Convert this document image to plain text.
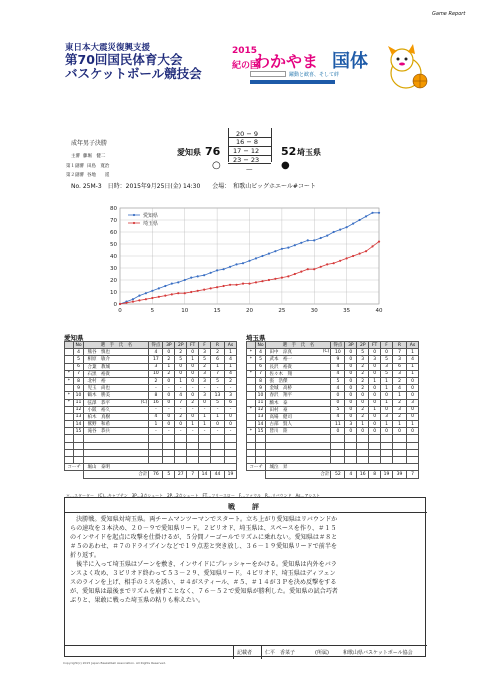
Game Report
東日本大震災復興支援
第70回国民体育大会
バスケットボール競技会
2015
紀の国
わかやま 国体
躍動と歓喜、そして絆
成年男子決勝
主審 藤堀　健二
第１副審 田島　寛治
第２副審 谷地　　遥
愛知県 76	52 埼玉県
○	●
20 − 9
16 − 8
17 − 12
23 − 23
—
No. 25M-3　日時：2015年9月25日(金) 14:30　　会場：　和歌山ビッグホエール#コート
0
10
20
30
40
50
60
70
80
0	5	10	15	20	25	30	35	40
愛知県
埼玉県
愛知県	埼玉県
	No	選　手　氏　名	得点	3P	2P	FT	F	R	As
	4	熊谷　慎也	4	0	2	0	3	2	1
	5	相原　敏介	17	2	5	1	5	6	4
	6	合葉　教城	3	1	0	0	2	1	1
*	7	石黒　裕貴	10	2	0	0	3	7	4
*	8	北村　裕	2	0	1	0	3	5	2
	9	児玉　尚也	-	-	-	-	-	-	-
*	10	鶴木　勝美	8	0	4	0	3	13	3
*	11	弦澤　恭平 (C)	16	0	7	2	0	5	6
	12	小阪　裕久	-	-	-	-	-	-	-
	13	柏木　真樹	4	0	2	0	1	1	0
	14	鷲野　和希	1	0	0	1	1	0	0
	15	滝谷　恭兵	-	-	-	-	-	-	-

コーチ		堀山　泰明							
		合計	76	5	27	7	14	44	19
	No	選　手　氏　名	得点	3P	2P	FT	F	R	As
*	4	田中　涼真 (C)	10	0	5	0	0	7	1
*	5	武本　裕一	9	0	3	3	5	3	4
	6	長沢　裕貴	4	0	2	0	3	6	1
*	7	佐々木　翔	4	0	2	0	5	3	1
	8	張　浩傑	5	0	2	1	1	2	0
	9	金城　高桥	4	0	2	0	1	4	0
	10	春沢　翔平	0	0	0	0	0	1	0
	11	駒木　泰	0	0	0	0	1	2	3
*	12	田村　豪	5	0	2	1	0	3	0
	13	高場　健司	4	0	2	0	3	2	0
	14	古部　賢人	11	3	1	0	1	1	1
*	15	皆川　陸	0	0	0	0	0	0	0

コーチ		城泣　昇							
		合計	52	4	16	8	19	39	7
＊…スターター　(C)…キャプテン　3P…3点シュート　2P…2点シュート　FT…フリースロー　F…ファウル　R…リバウンド　As…アシスト
戦　評
　決勝戦。愛知県対埼玉県。両チームマンツーマンでスタート。立ち上がり愛知県はリバウンドか
らの速攻を３本決め、２０－９で愛知県リード。２ピリオド、埼玉県は、スペースを作り、＃１５
のインサイドを起点に攻撃を仕掛けるが、５分間ノーゴールでリズムに乗れない。愛知県は＃８と
＃５のあわせ、＃７のドライブインなどで１９点差と突き放し、３６－１９愛知県リードで前半を
折り返す。
　後半に入って埼玉県はゾーンを敷き、インサイドにプレッシャーをかける。愛知県は内外をバラ
ンスよく攻め、３ピリオド終わって５３－２９、愛知県リード。４ピリオド、埼玉県はディフェン
スのラインを上げ、相手のミスを誘い、＃４がスティール、＃５、＃１４が３Ｐを決め反撃をする
が、愛知県は最後までリズムを崩すことなく、７６－５２で愛知県が勝利した。愛知県の試合巧者
ぶりと、果敢に戦った埼玉県の粘りも称えたい。
記載者	仁平　香菜子	(所属)	和歌山県バスケットボール協会
Copyright(c) 2015 Japan Basketball Association. All Rights Reserved.
